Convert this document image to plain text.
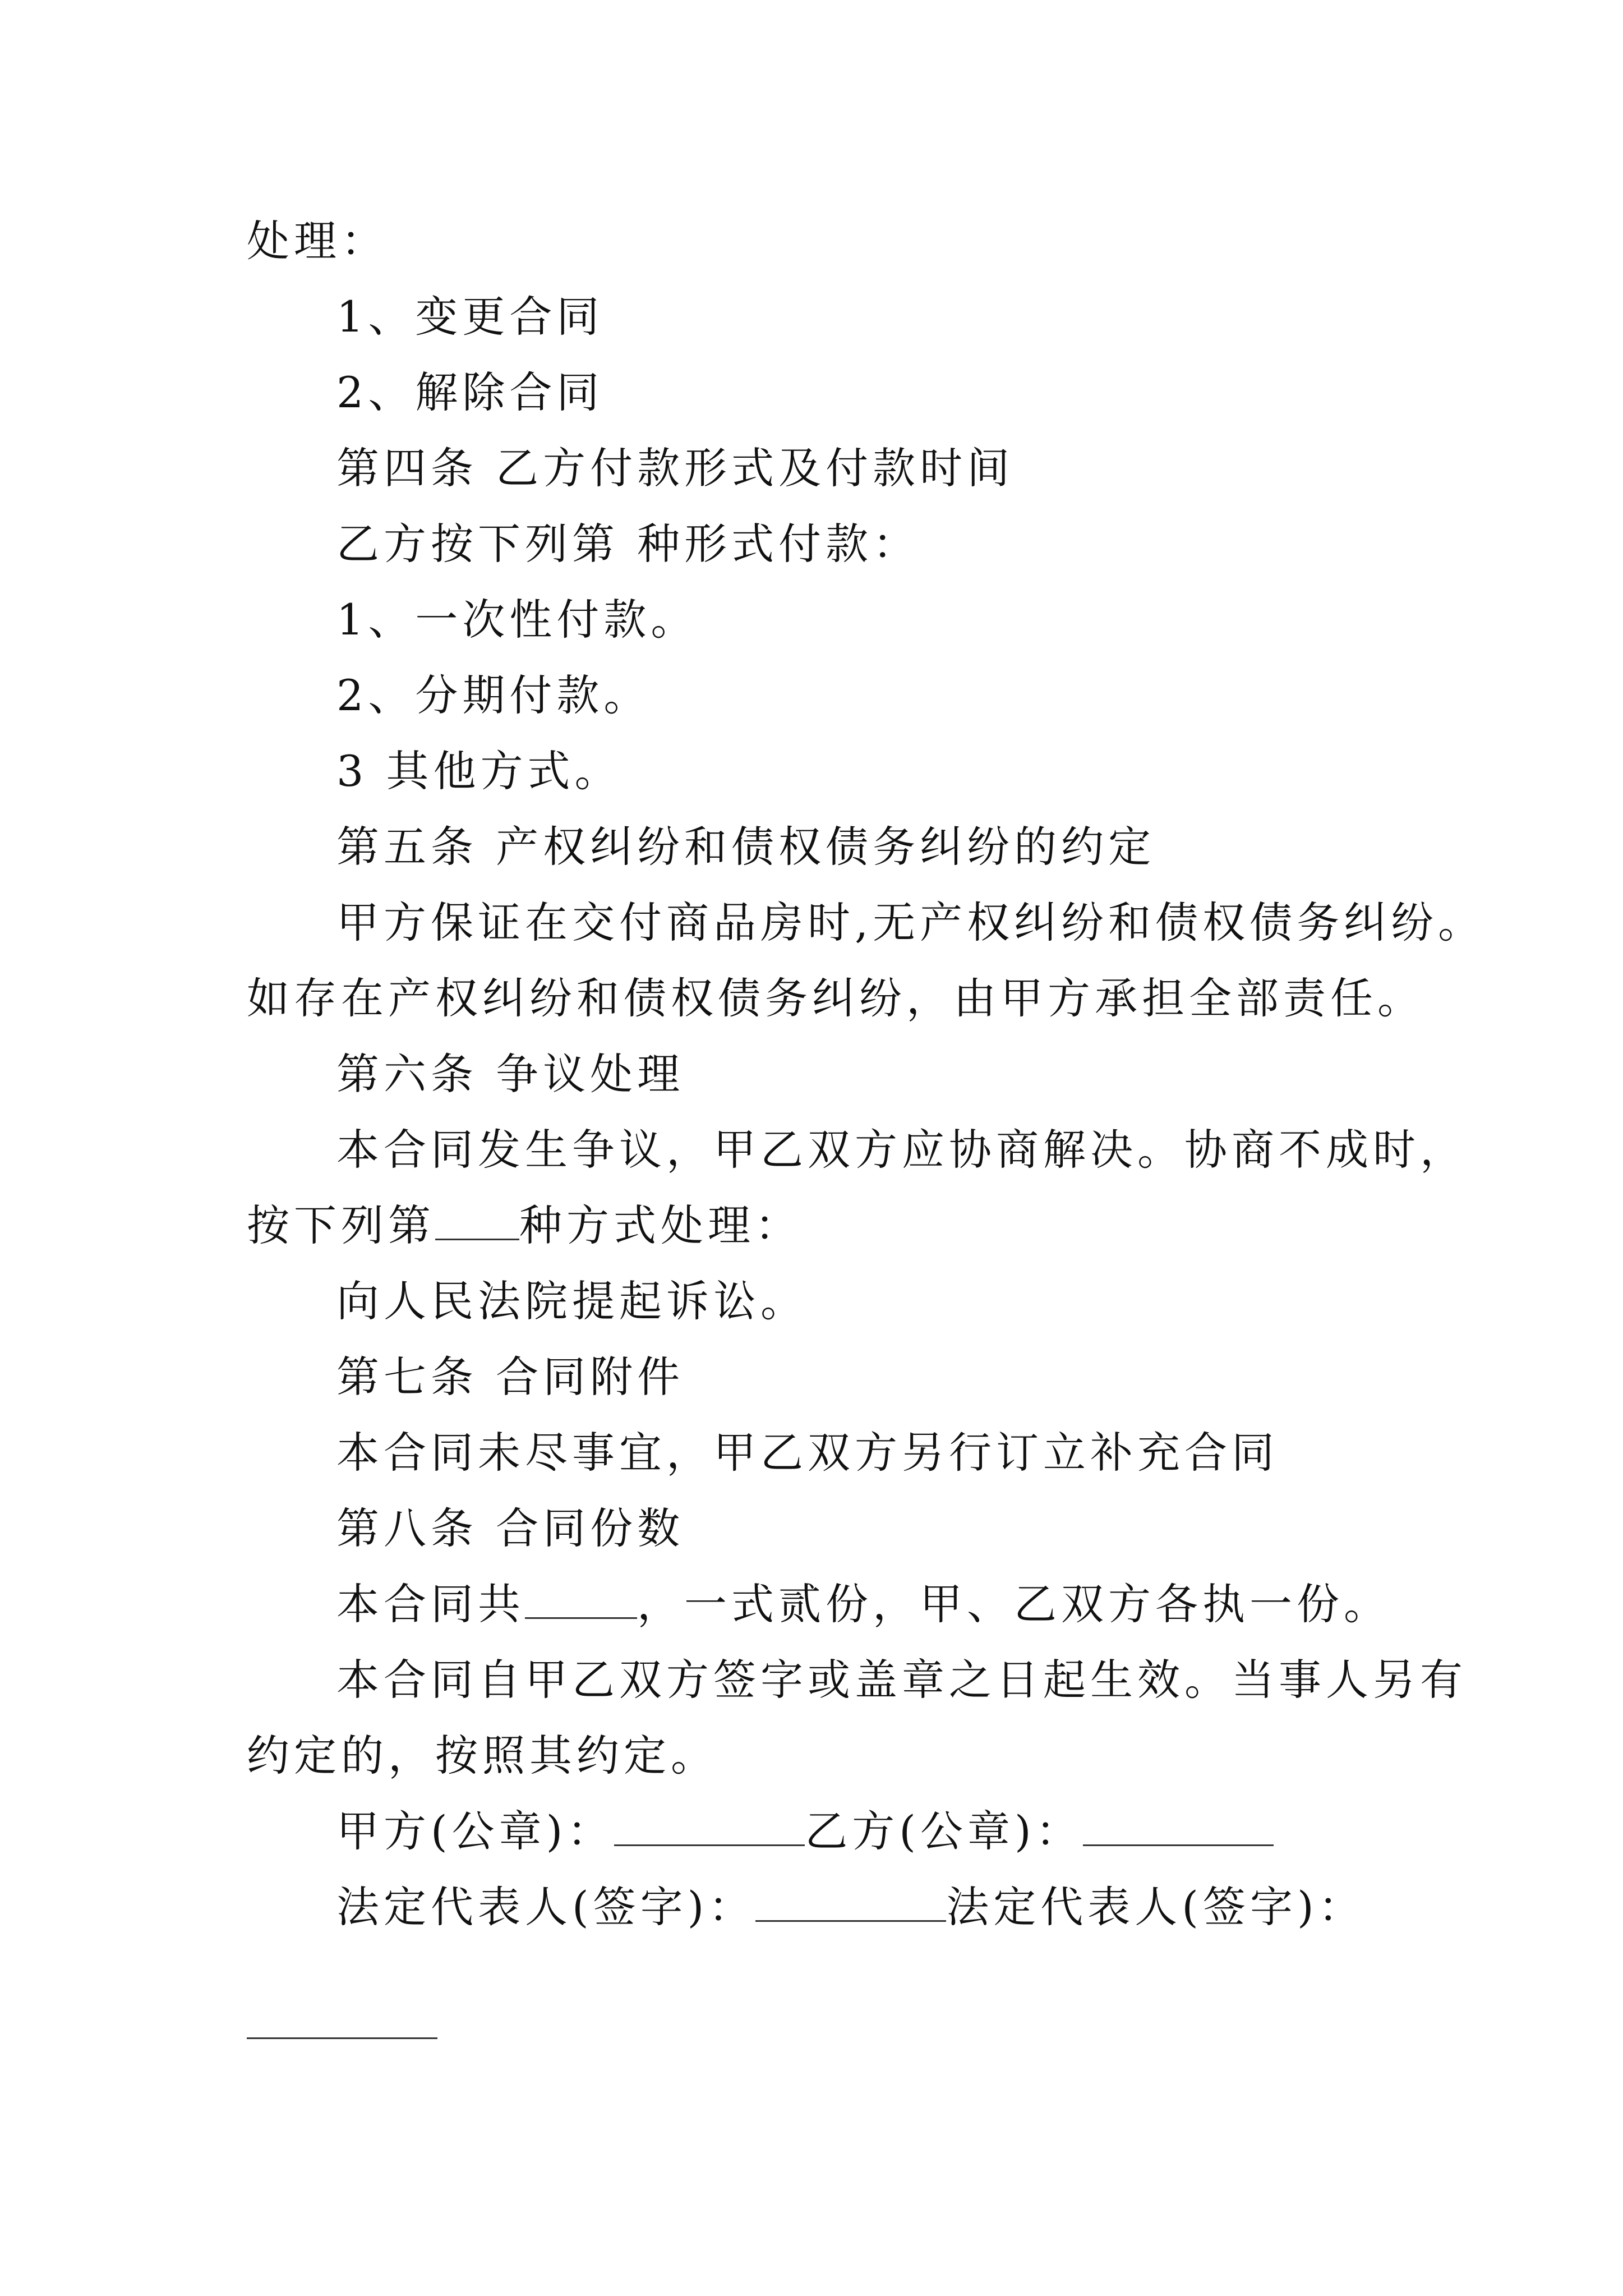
处理：
1、变更合同
2、解除合同
第四条 乙方付款形式及付款时间
乙方按下列第 种形式付款：
1、一次性付款。
2、分期付款。
3 其他方式。
第五条 产权纠纷和债权债务纠纷的约定
甲方保证在交付商品房时,无产权纠纷和债权债务纠纷。
如存在产权纠纷和债权债务纠纷，由甲方承担全部责任。
第六条 争议处理
本合同发生争议，甲乙双方应协商解决。协商不成时，
按下列第 种方式处理：
向人民法院提起诉讼。
第七条 合同附件
本合同未尽事宜，甲乙双方另行订立补充合同
第八条 合同份数
本合同共	，一式贰份，甲、乙双方各执一份。
本合同自甲乙双方签字或盖章之日起生效。当事人另有
约定的，按照其约定。
甲方(公章)：	乙方(公章)：
法定代表人(签字)：	法定代表人(签字)：
